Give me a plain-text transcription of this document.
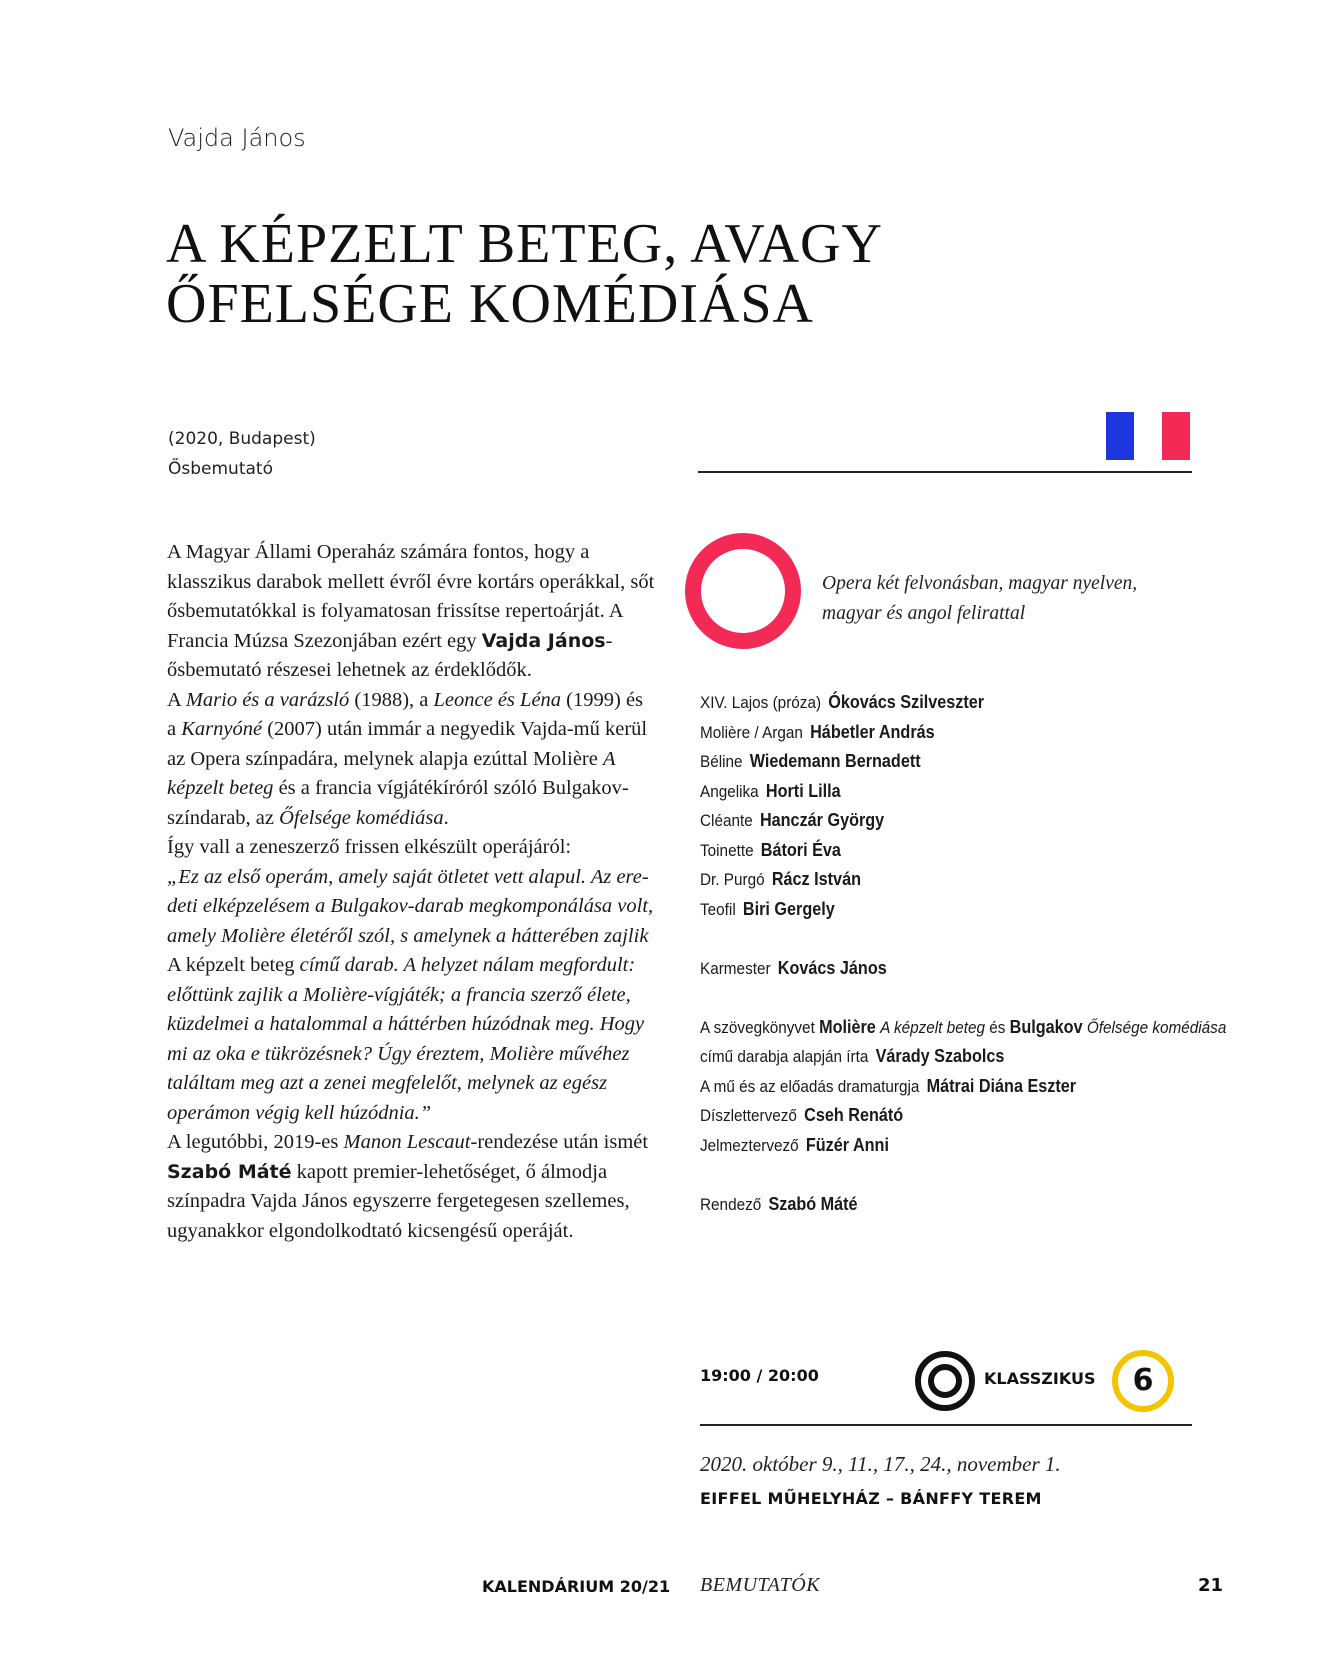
Vajda János
A KÉPZELT BETEG, AVAGY
ŐFELSÉGE KOMÉDIÁSA
(2020, Budapest)
Ősbemutató

A Magyar Állami Operaház számára fontos, hogy a klasszikus darabok mellett évről évre kortárs operákkal, sőt ősbemutatókkal is folyamatosan frissítse repertoárját. A Francia Múzsa Szezonjában ezért egy Vajda János-ősbemutató részesei lehetnek az érdeklődők.

A Mario és a varázsló (1988), a Leonce és Léna (1999) és a Karnyóné (2007) után immár a negyedik Vajda-mű kerül az Opera színpadára, melynek alapja ezúttal Molière A képzelt beteg és a francia vígjátékíróról szóló Bulgakov-színdarab, az Őfelsége komédiása.

Így vall a zeneszerző frissen elkészült operájáról:

„Ez az első operám, amely saját ötletet vett alapul. Az eredeti elképzelésem a Bulgakov-darab megkomponálása volt, amely Molière életéről szól, s amelynek a hátterében zajlik A képzelt beteg című darab. A helyzet nálam megfordult: előttünk zajlik a Molière-vígjáték; a francia szerző élete, küzdelmei a hatalommal a háttérben húzódnak meg. Hogy mi az oka e tükrözésnek? Úgy éreztem, Molière művéhez találtam meg azt a zenei megfelelőt, melynek az egész operámon végig kell húzódnia.”

A legutóbbi, 2019-es Manon Lescaut-rendezése után ismét Szabó Máté kapott premier-lehetőséget, ő álmodja színpadra Vajda János egyszerre fergetegesen szellemes, ugyanakkor elgondolkodtató kicsengésű operáját.

Opera két felvonásban, magyar nyelven,
magyar és angol felirattal
XIV. Lajos (próza) Ókovács Szilveszter
Molière / Argan Hábetler András
Béline Wiedemann Bernadett
Angelika Horti Lilla
Cléante Hanczár György
Toinette Bátori Éva
Dr. Purgó Rácz István
Teofil Biri Gergely
Karmester Kovács János
A szövegkönyvet Molière A képzelt beteg és Bulgakov Őfelsége komédiása
című darabja alapján írta Várady Szabolcs
A mű és az előadás dramaturgja Mátrai Diána Eszter
Díszlettervező Cseh Renátó
Jelmeztervező Füzér Anni
Rendező Szabó Máté
19:00 / 20:00	KLASSZIKUS	6
2020. október 9., 11., 17., 24., november 1.
EIFFEL MŰHELYHÁZ – BÁNFFY TEREM
KALENDÁRIUM 20/21 BEMUTATÓK	21
